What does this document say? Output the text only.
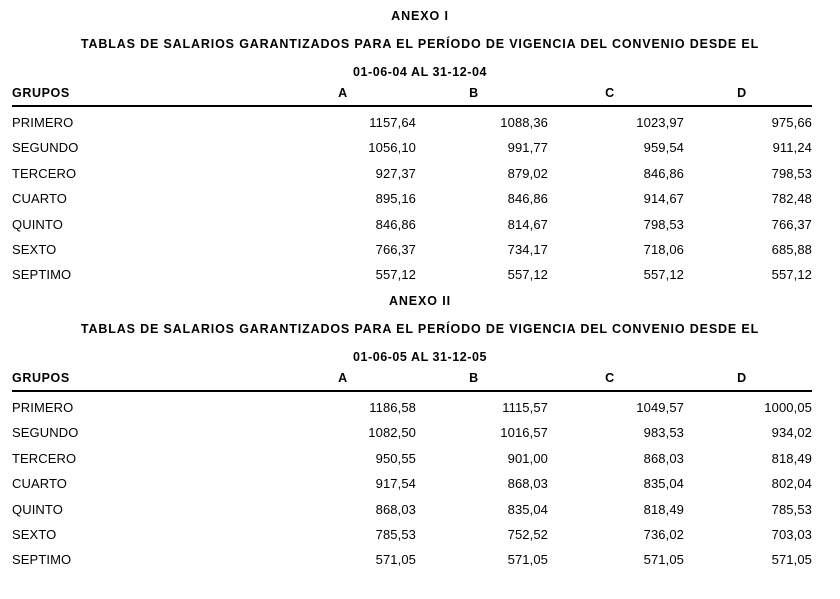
ANEXO I
TABLAS DE SALARIOS GARANTIZADOS PARA EL PERÍODO DE VIGENCIA DEL CONVENIO DESDE EL

01-06-04 AL 31-12-04

GRUPOS	A	B	C	D
PRIMERO	1157,64	1088,36	1023,97	975,66
SEGUNDO	1056,10	991,77	959,54	911,24
TERCERO	927,37	879,02	846,86	798,53
CUARTO	895,16	846,86	914,67	782,48
QUINTO	846,86	814,67	798,53	766,37
SEXTO	766,37	734,17	718,06	685,88
SEPTIMO	557,12	557,12	557,12	557,12
ANEXO II
TABLAS DE SALARIOS GARANTIZADOS PARA EL PERÍODO DE VIGENCIA DEL CONVENIO DESDE EL

01-06-05 AL 31-12-05

GRUPOS	A	B	C	D
PRIMERO	1186,58	1115,57	1049,57	1000,05
SEGUNDO	1082,50	1016,57	983,53	934,02
TERCERO	950,55	901,00	868,03	818,49
CUARTO	917,54	868,03	835,04	802,04
QUINTO	868,03	835,04	818,49	785,53
SEXTO	785,53	752,52	736,02	703,03
SEPTIMO	571,05	571,05	571,05	571,05
